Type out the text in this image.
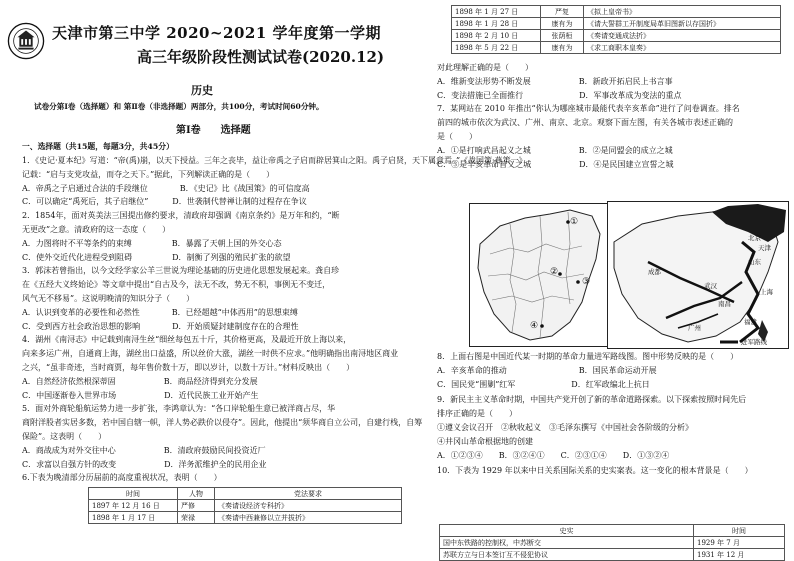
天津市第三中学 2020~2021 学年度第一学期
高三年级阶段性测试试卷(2020.12)
历史
试卷分第Ⅰ卷（选择题）和 第Ⅱ卷（非选择题）两部分，共100分，考试时间60分钟。
第Ⅰ卷　　选择题
一、选择题（共15题，每题3分，共45分）
1．《史记·夏本纪》写道：“帝(禹)崩，以天下授益。三年之丧毕，益让帝禹之子启而辟居箕山之阳。禹子启贤，天下属意焉。”《战国策·燕策一》
记载：“启与支党攻益，而夺之天下。”据此，下列解读正确的是（　　）
A．帝禹之子启通过合法的手段继位　　　　B．《史记》比《战国策》的可信度高
C．可以确定“禹死后，其子启继位”　　　D．世袭制代替禅让制的过程存在争议
2．1854年，面对英美法三国提出修约要求，清政府却强调《南京条约》是万年和约，“断
无更改”之意。清政府的这一态度（　　）
A．力图将时不平等条约的束缚　　　　　B．暴露了天朝上国的外交心态
C．使外交近代化进程受到阻碍　　　　　D．制衡了列强的殖民扩张的欲望
3．郭沫若曾指出，以今文经学家公羊三世说为理论基础的历史进化思想发展起来。龚自珍
在《五经大义终始论》等文章中提出“自古及今，法无不改，势无不积，事例无不变迁，
风气无不移易”。这说明晚清的知识分子（　　）
A．认识到变革的必要性和必然性　　　　B．已经超越“中体西用”的思想束缚
C．受到西方社会政治思想的影响　　　　D．开始质疑封建制度存在的合理性
4．湖州《南浔志》中记载到南浔生丝“细丝每包五十斤，其价格更高，及最近开放上海以来，
向来多运广州，自通商上海，湖丝出口益盛，所以丝价大涨，湖丝一时供不应求。”他明确指出南浔地区商业
之兴，“虽非奇迹，当时商贾，每年售价数十万，即以岁计，以数十万计。”材料反映出（　　）
A．自然经济依然根深蒂固　　　　　　B．商品经济得到充分发展
C．中国逐渐卷入世界市场　　　　　　D．近代民族工业开始产生
5．面对外商轮船航运势力进一步扩张，李鸿章认为：“各口岸轮船生意已被洋商占尽，华
商附洋股者实居多数，若中国自辖一帜，洋人势必跌价以侵夺”。因此，他提出“须华商自立公司，自建行栈，自筹
保险”。这表明（　　）
A．商战成为对外交往中心　　　　　　B．清政府鼓励民间投资近厂
C．求富以自强方针的改变　　　　　　D．洋务派维护全的民用企业
6.下表为晚清部分历届前的高度重视状况，表明（　　）
时间	人物	党法要求
1897 年 12 月 16 日	严修	《奏请设经济专科折》
1898 年 1 月 17 日	荣禄	《奏请中西兼修以立并拔折》
1898 年 1 月 27 日	严复	《拟上皇帝书》
1898 年 1 月 28 日	康有为	《请大誓群工开制度局革旧图新以存国折》
1898 年 2 月 10 日	张荫桓	《奏请变通成法折》
1898 年 5 月 22 日	康有为	《求工商职本皇奏》
对此理解正确的是（　　）
A．维新变法形势不断发展　　　　　　B．新政开拓启民上书言事
C．变法措施已全面推行　　　　　　　D．军事改革成为变法的重点
7．某网站在 2010 年推出“你认为哪座城市最能代表辛亥革命”进行了问卷调查。排名
前四的城市依次为武汉、广州、南京、北京。观察下面左图，有关各城市表述正确的
是（　　）
A．①是打响武昌起义之城　　　　　　B．②是同盟会的成立之城
C．③是辛亥革命首义之城　　　　　　D．④是民国建立宣誓之城
①
②
③
④
北京
天津
山东
武汉
南昌
福建
上海
广州
成都
进军路线
8．上面右图是中国近代某一时期的革命力量进军路线图。图中形势反映的是（　　）
A．辛亥革命的推动　　　　　　　　　B．国民革命运动开展
C．国民党“围剿”红军　　　　　　　D．红军政编北上抗日
9．新民主主义革命时期，中国共产党开创了新的革命道路探索。以下探索按照时间先后
排序正确的是（　　）
①遵义会议召开　②秋收起义　③毛泽东撰写《中国社会各阶级的分析》
④井冈山革命根据地的创建
A．①②③④　　B．③②④①　　C．②③①④　　D．①③②④
10．下表为 1929 年以来中日关系国际关系的史实案表。这一变化的根本背景是（　　）
史实	时间
国中东铁路的控制权，中苏断交	1929 年 7 月
苏联方立与日本签订互不侵犯协议	1931 年 12 月
